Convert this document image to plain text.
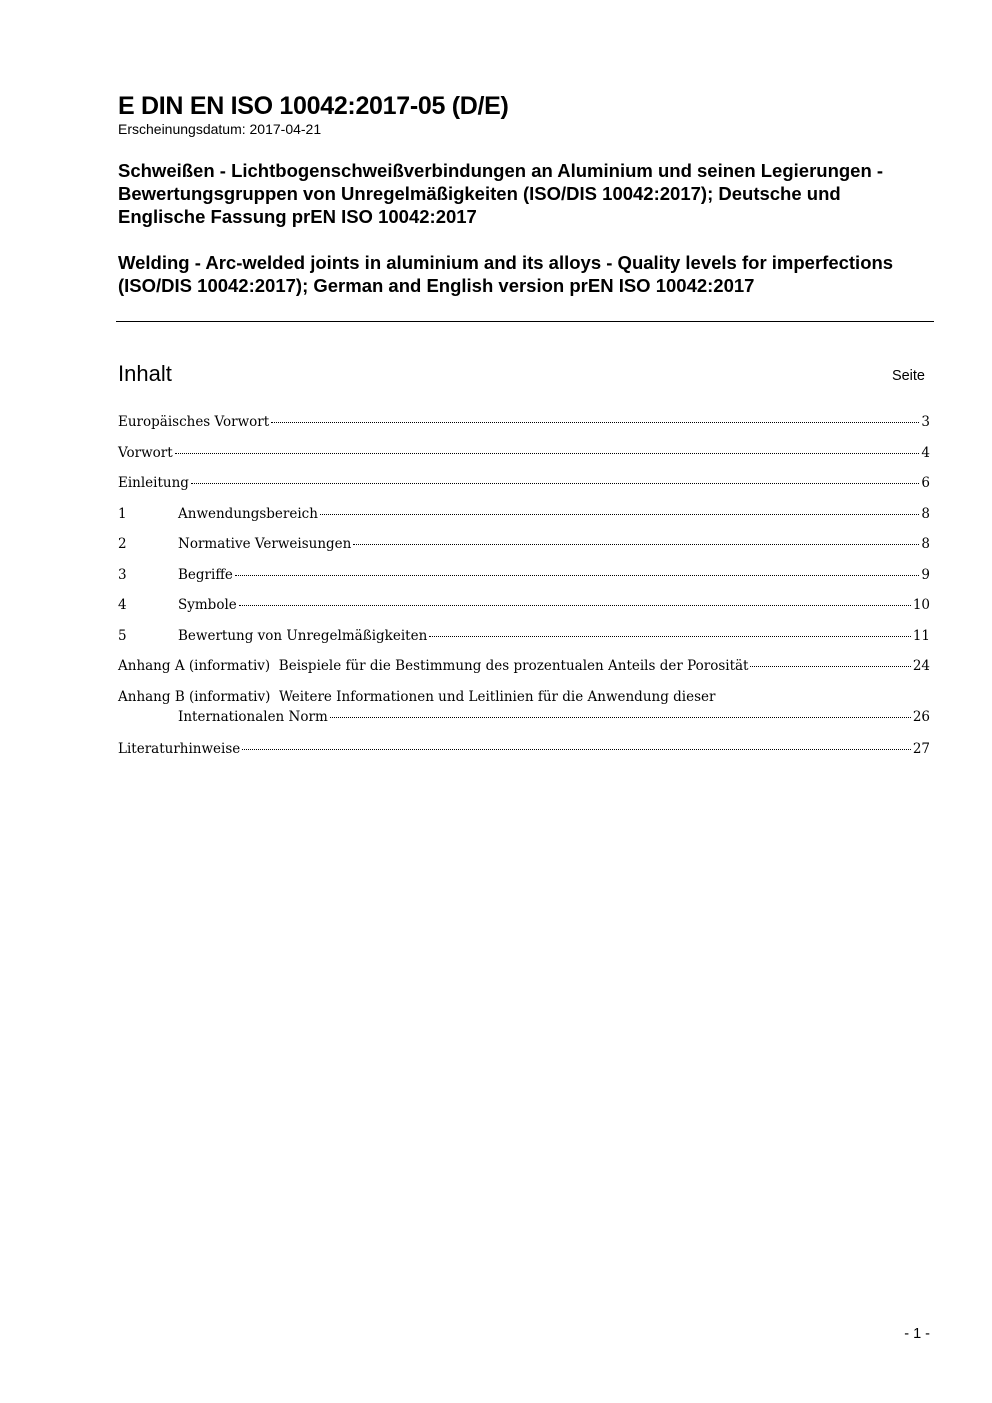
E DIN EN ISO 10042:2017-05 (D/E)
Erscheinungsdatum: 2017-04-21
Schweißen - Lichtbogenschweißverbindungen an Aluminium und seinen Legierungen - Bewertungsgruppen von Unregelmäßigkeiten (ISO/DIS 10042:2017); Deutsche und Englische Fassung prEN ISO 10042:2017
Welding - Arc-welded joints in aluminium and its alloys - Quality levels for imperfections (ISO/DIS 10042:2017); German and English version prEN ISO 10042:2017
Inhalt	Seite
Europäisches Vorwort	3
Vorwort	4
Einleitung	6
1	Anwendungsbereich	8
2	Normative Verweisungen	8
3	Begriffe	9
4	Symbole	10
5	Bewertung von Unregelmäßigkeiten	11
Anhang A (informativ)  Beispiele für die Bestimmung des prozentualen Anteils der Porosität	24
Anhang B (informativ)  Weitere Informationen und Leitlinien für die Anwendung dieser
Internationalen Norm	26
Literaturhinweise	27
- 1 -
